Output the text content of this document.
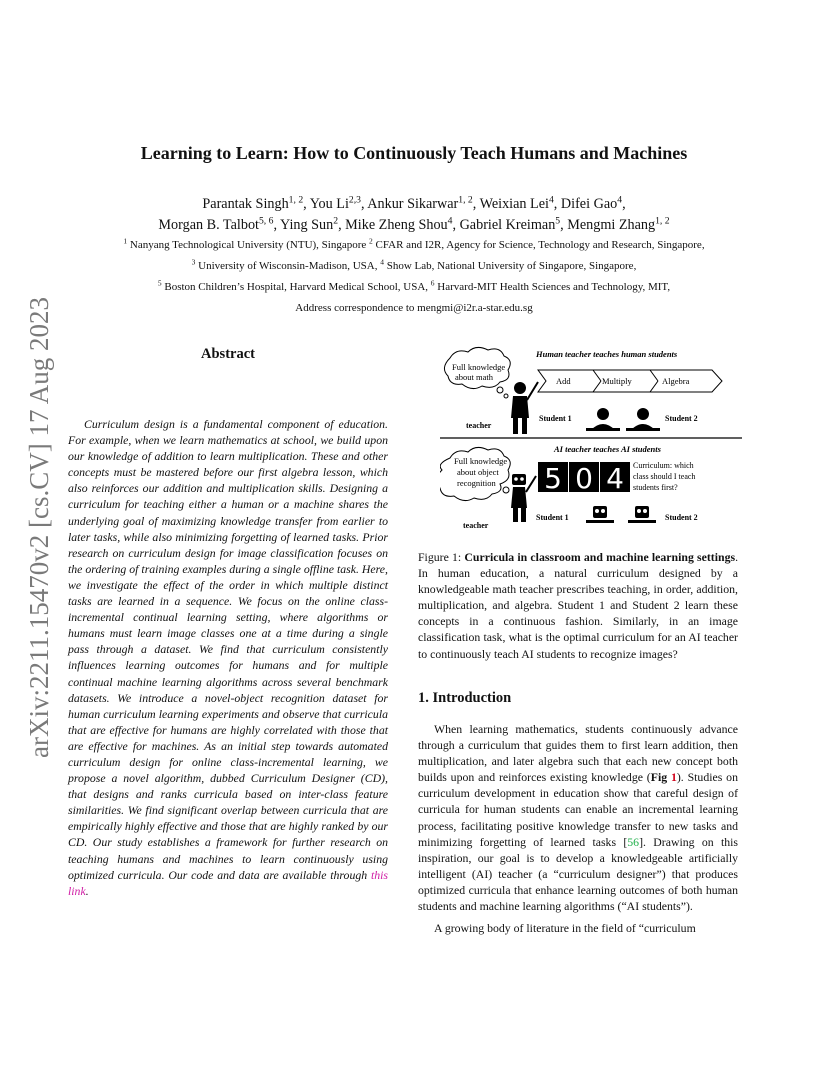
arXiv:2211.15470v2 [cs.CV] 17 Aug 2023
Learning to Learn: How to Continuously Teach Humans and Machines
Parantak Singh$^{1, 2}$, You Li$^{2,3}$, Ankur Sikarwar$^{1, 2}$, Weixian Lei$^4$, Difei Gao$^4$,
Morgan B. Talbot$^{5, 6}$, Ying Sun$^2$, Mike Zheng Shou$^4$, Gabriel Kreiman$^5$, Mengmi Zhang$^{1, 2}$
$^1$ Nanyang Technological University (NTU), Singapore $^2$ CFAR and I2R, Agency for Science, Technology and Research, Singapore,
$^3$ University of Wisconsin-Madison, USA, $^4$ Show Lab, National University of Singapore, Singapore,
$^5$ Boston Children’s Hospital, Harvard Medical School, USA, $^6$ Harvard-MIT Health Sciences and Technology, MIT,
Address correspondence to mengmi@i2r.a-star.edu.sg
Abstract
Curriculum design is a fundamental component of education. For example, when we learn mathematics at school, we build upon our knowledge of addition to learn multiplication. These and other concepts must be mastered before our first algebra lesson, which also reinforces our addition and multiplication skills. Designing a curriculum for teaching either a human or a machine shares the underlying goal of maximizing knowledge transfer from earlier to later tasks, while also minimizing forgetting of learned tasks. Prior research on curriculum design for image classification focuses on the ordering of training examples during a single offline task. Here, we investigate the effect of the order in which multiple distinct tasks are learned in a sequence. We focus on the online class-incremental continual learning setting, where algorithms or humans must learn image classes one at a time during a single pass through a dataset. We find that curriculum consistently influences learning outcomes for humans and for multiple continual machine learning algorithms across several benchmark datasets. We introduce a novel-object recognition dataset for human curriculum learning experiments and observe that curricula that are effective for humans are highly correlated with those that are effective for machines. As an initial step towards automated curriculum design for online class-incremental learning, we propose a novel algorithm, dubbed Curriculum Designer (CD), that designs and ranks curricula based on inter-class feature similarities. We find significant overlap between curricula that are empirically highly effective and those that are highly ranked by our CD. Our study establishes a framework for further research on teaching humans and machines to learn continuously using optimized curricula. Our code and data are available through this link.
Human teacher teaches human students
Full knowledge
about math	Add	Multiply	Algebra
teacher
Student 1	Student 2
AI teacher teaches AI students
Full knowledge
about object
recognition 5 0 4 Curriculum: which
class should I teach
students first?
teacher
Student 1	Student 2
Figure 1: Curricula in classroom and machine learning settings. In human education, a natural curriculum designed by a knowledgeable math teacher prescribes teaching, in order, addition, multiplication, and algebra. Student 1 and Student 2 learn these concepts in a continuous fashion. Similarly, in an image classification task, what is the optimal curriculum for an AI teacher to continuously teach AI students to recognize images?
1. Introduction

When learning mathematics, students continuously advance through a curriculum that guides them to first learn addition, then multiplication, and later algebra such that each new concept both builds upon and reinforces existing knowledge (Fig 1). Studies on curriculum development in education show that careful design of curricula for human students can enable an incremental learning process, facilitating positive knowledge transfer to new tasks and minimizing forgetting of learned tasks [56]. Drawing on this inspiration, our goal is to develop a knowledgeable artificially intelligent (AI) teacher (a “curriculum designer”) that produces optimized curricula that enhance learning outcomes of both human students and machine learning algorithms (“AI students”).

A growing body of literature in the field of “curriculum
